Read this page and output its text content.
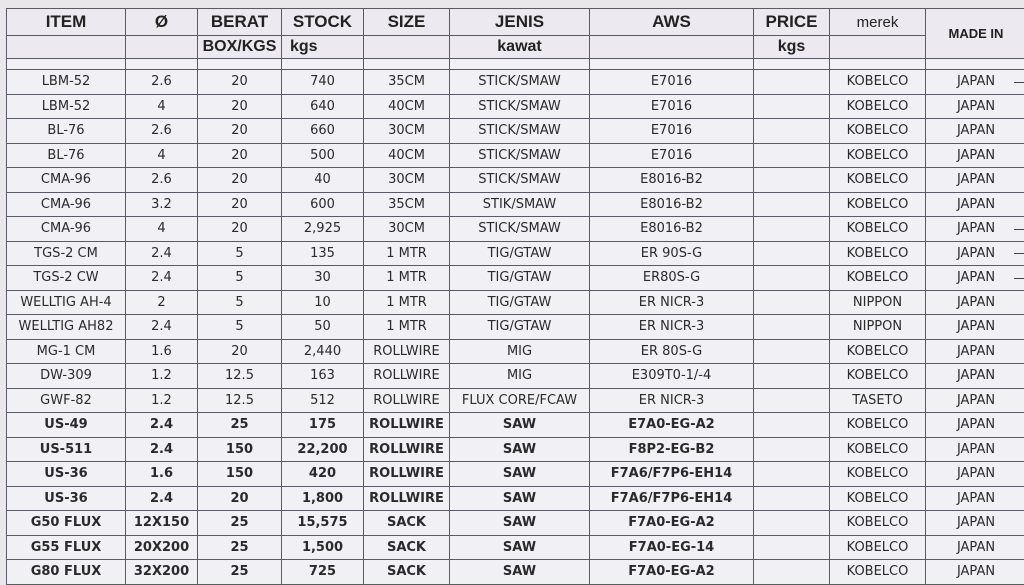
ITEM	Ø	BERAT	STOCK	SIZE	JENIS	AWS	PRICE	merek	MADE IN
		BOX/KGS	kgs		kawat		kgs		

LBM-52	2.6	20	740	35CM	STICK/SMAW	E7016		KOBELCO	JAPAN

LBM-52	4	20	640	40CM	STICK/SMAW	E7016		KOBELCO	JAPAN
BL-76	2.6	20	660	30CM	STICK/SMAW	E7016		KOBELCO	JAPAN
BL-76	4	20	500	40CM	STICK/SMAW	E7016		KOBELCO	JAPAN
CMA-96	2.6	20	40	30CM	STICK/SMAW	E8016-B2		KOBELCO	JAPAN
CMA-96	3.2	20	600	35CM	STIK/SMAW	E8016-B2		KOBELCO	JAPAN
CMA-96	4	20	2,925	30CM	STICK/SMAW	E8016-B2		KOBELCO	JAPAN

TGS-2 CM	2.4	5	135	1 MTR	TIG/GTAW	ER 90S-G		KOBELCO	JAPAN

TGS-2 CW	2.4	5	30	1 MTR	TIG/GTAW	ER80S-G		KOBELCO	JAPAN

WELLTIG AH-4	2	5	10	1 MTR	TIG/GTAW	ER NICR-3		NIPPON	JAPAN
WELLTIG AH82	2.4	5	50	1 MTR	TIG/GTAW	ER NICR-3		NIPPON	JAPAN
MG-1 CM	1.6	20	2,440	ROLLWIRE	MIG	ER 80S-G		KOBELCO	JAPAN
DW-309	1.2	12.5	163	ROLLWIRE	MIG	E309T0-1/-4		KOBELCO	JAPAN
GWF-82	1.2	12.5	512	ROLLWIRE	FLUX CORE/FCAW	ER NICR-3		TASETO	JAPAN
US-49	2.4	25	175	ROLLWIRE	SAW	E7A0-EG-A2		KOBELCO	JAPAN
US-511	2.4	150	22,200	ROLLWIRE	SAW	F8P2-EG-B2		KOBELCO	JAPAN
US-36	1.6	150	420	ROLLWIRE	SAW	F7A6/F7P6-EH14		KOBELCO	JAPAN
US-36	2.4	20	1,800	ROLLWIRE	SAW	F7A6/F7P6-EH14		KOBELCO	JAPAN
G50 FLUX	12X150	25	15,575	SACK	SAW	F7A0-EG-A2		KOBELCO	JAPAN
G55 FLUX	20X200	25	1,500	SACK	SAW	F7A0-EG-14		KOBELCO	JAPAN
G80 FLUX	32X200	25	725	SACK	SAW	F7A0-EG-A2		KOBELCO	JAPAN
